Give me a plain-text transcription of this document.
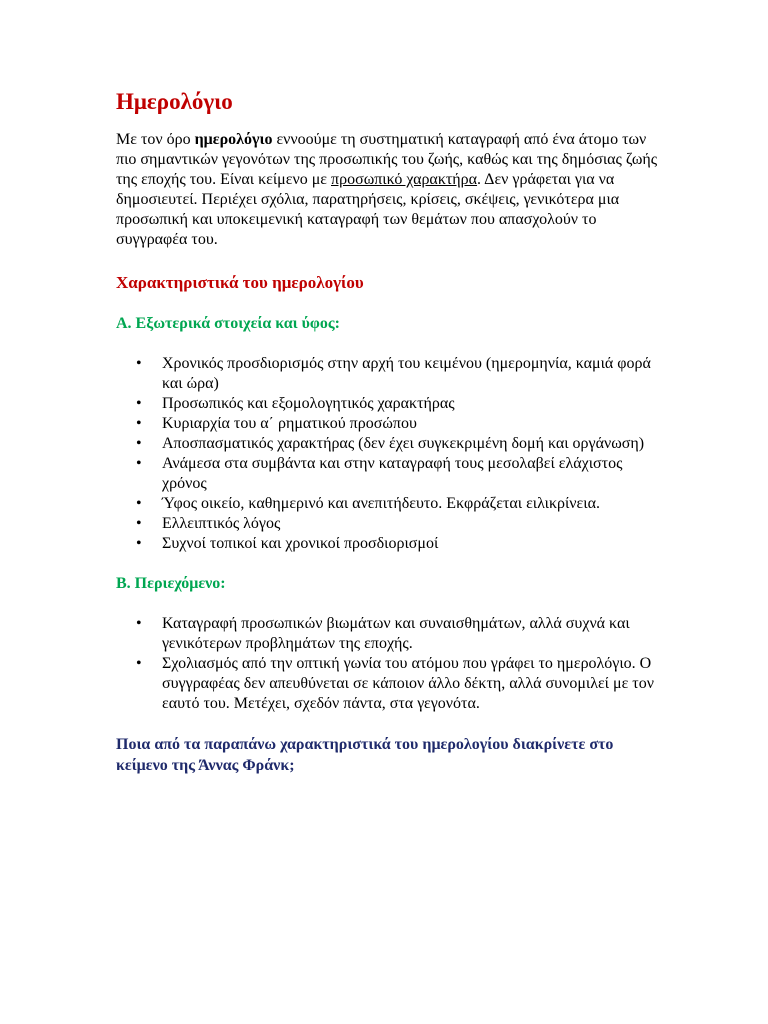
Ημερολόγιο

Με τον όρο ημερολόγιο εννοούμε τη συστηματική καταγραφή από ένα άτομο των πιο σημαντικών γεγονότων της προσωπικής του ζωής, καθώς και της δημόσιας ζωής της εποχής του. Είναι κείμενο με προσωπικό χαρακτήρα. Δεν γράφεται για να δημοσιευτεί. Περιέχει σχόλια, παρατηρήσεις, κρίσεις, σκέψεις, γενικότερα μια προσωπική και υποκειμενική καταγραφή των θεμάτων που απασχολούν το συγγραφέα του.

Χαρακτηριστικά του ημερολογίου
Α. Εξωτερικά στοιχεία και ύφος:
• Χρονικός προσδιορισμός στην αρχή του κειμένου (ημερομηνία, καμιά φορά και ώρα)
• Προσωπικός και εξομολογητικός χαρακτήρας
• Κυριαρχία του α΄ ρηματικού προσώπου
• Αποσπασματικός χαρακτήρας (δεν έχει συγκεκριμένη δομή και οργάνωση)
• Ανάμεσα στα συμβάντα και στην καταγραφή τους μεσολαβεί ελάχιστος χρόνος
• Ύφος οικείο, καθημερινό και ανεπιτήδευτο. Εκφράζεται ειλικρίνεια.
• Ελλειπτικός λόγος
• Συχνοί τοπικοί και χρονικοί προσδιορισμοί
Β. Περιεχόμενο:
• Καταγραφή προσωπικών βιωμάτων και συναισθημάτων, αλλά συχνά και γενικότερων προβλημάτων της εποχής.
• Σχολιασμός από την οπτική γωνία του ατόμου που γράφει το ημερολόγιο. Ο συγγραφέας δεν απευθύνεται σε κάποιον άλλο δέκτη, αλλά συνομιλεί με τον εαυτό του. Μετέχει, σχεδόν πάντα, στα γεγονότα.

Ποια από τα παραπάνω χαρακτηριστικά του ημερολογίου διακρίνετε στο κείμενο της Άννας Φράνκ;
